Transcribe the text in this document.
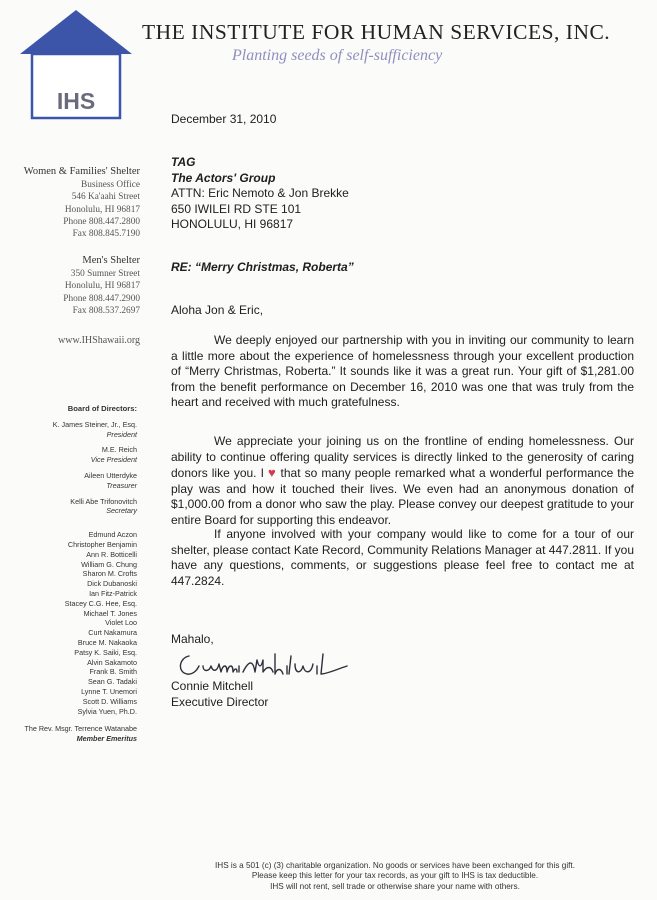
IHS
THE INSTITUTE FOR HUMAN SERVICES, INC.
Planting seeds of self-sufficiency
Women & Families' Shelter
Business Office
546 Ka'aahi Street
Honolulu, HI 96817
Phone 808.447.2800
Fax 808.845.7190
Men's Shelter
350 Sumner Street
Honolulu, HI 96817
Phone 808.447.2900
Fax 808.537.2697
www.IHShawaii.org
Board of Directors:
K. James Steiner, Jr., Esq.
President
M.E. Reich
Vice President
Aileen Utterdyke
Treasurer
Kelli Abe Trifonovitch
Secretary
Edmund Aczon
Christopher Benjamin
Ann R. Botticelli
William G. Chung
Sharon M. Crofts
Dick Dubanoski
Ian Fitz-Patrick
Stacey C.G. Hee, Esq.
Michael T. Jones
Violet Loo
Curt Nakamura
Bruce M. Nakaoka
Patsy K. Saiki, Esq.
Alvin Sakamoto
Frank B. Smith
Sean G. Tadaki
Lynne T. Unemori
Scott D. Williams
Sylvia Yuen, Ph.D.
The Rev. Msgr. Terrence Watanabe
Member Emeritus
December 31, 2010
TAG
The Actors' Group
ATTN: Eric Nemoto & Jon Brekke
650 IWILEI RD STE 101
HONOLULU, HI 96817
RE: “Merry Christmas, Roberta”
Aloha Jon & Eric,

We deeply enjoyed our partnership with you in inviting our community to learn a little more about the experience of homelessness through your excellent production of “Merry Christmas, Roberta.” It sounds like it was a great run. Your gift of $1,281.00 from the benefit performance on December 16, 2010 was one that was truly from the heart and received with much gratefulness.

We appreciate your joining us on the frontline of ending homelessness. Our ability to continue offering quality services is directly linked to the generosity of caring donors like you. I ♥ that so many people remarked what a wonderful performance the play was and how it touched their lives. We even had an anonymous donation of $1,000.00 from a donor who saw the play. Please convey our deepest gratitude to your entire Board for supporting this endeavor.

If anyone involved with your company would like to come for a tour of our shelter, please contact Kate Record, Community Relations Manager at 447.2811. If you have any questions, comments, or suggestions please feel free to contact me at 447.2824.

Mahalo,
Connie Mitchell
Executive Director
IHS is a 501 (c) (3) charitable organization. No goods or services have been exchanged for this gift.
Please keep this letter for your tax records, as your gift to IHS is tax deductible.
IHS will not rent, sell trade or otherwise share your name with others.
